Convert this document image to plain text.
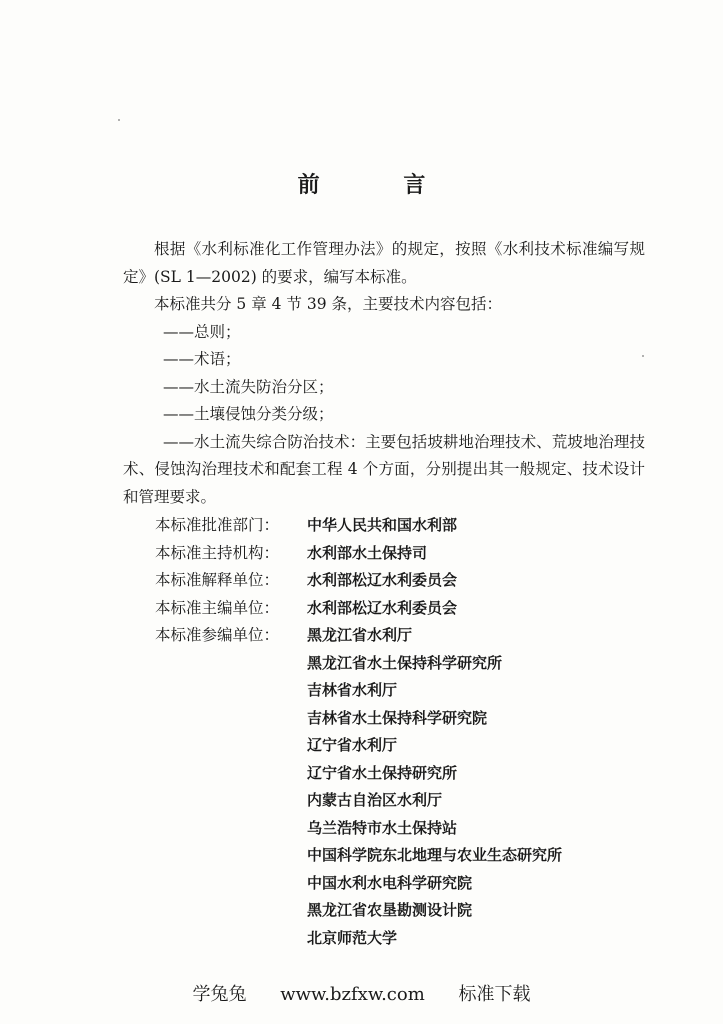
前 言

根据《水利标准化工作管理办法》的规定，按照《水利技术标准编写规定》(SL 1—2002) 的要求，编写本标准。

本标准共分 5 章 4 节 39 条，主要技术内容包括：

——总则；

——术语；

——水土流失防治分区；

——土壤侵蚀分类分级；

——水土流失综合防治技术：主要包括坡耕地治理技术、荒坡地治理技术、侵蚀沟治理技术和配套工程 4 个方面，分别提出其一般规定、技术设计和管理要求。

本标准批准部门：	中华人民共和国水利部
本标准主持机构：	水利部水土保持司
本标准解释单位：	水利部松辽水利委员会
本标准主编单位：	水利部松辽水利委员会
本标准参编单位：	黑龙江省水利厅
黑龙江省水土保持科学研究所
吉林省水利厅
吉林省水土保持科学研究院
辽宁省水利厅
辽宁省水土保持研究所
内蒙古自治区水利厅
乌兰浩特市水土保持站
中国科学院东北地理与农业生态研究所
中国水利水电科学研究院
黑龙江省农垦勘测设计院
北京师范大学
学兔兔 www.bzfxw.com 标准下载
